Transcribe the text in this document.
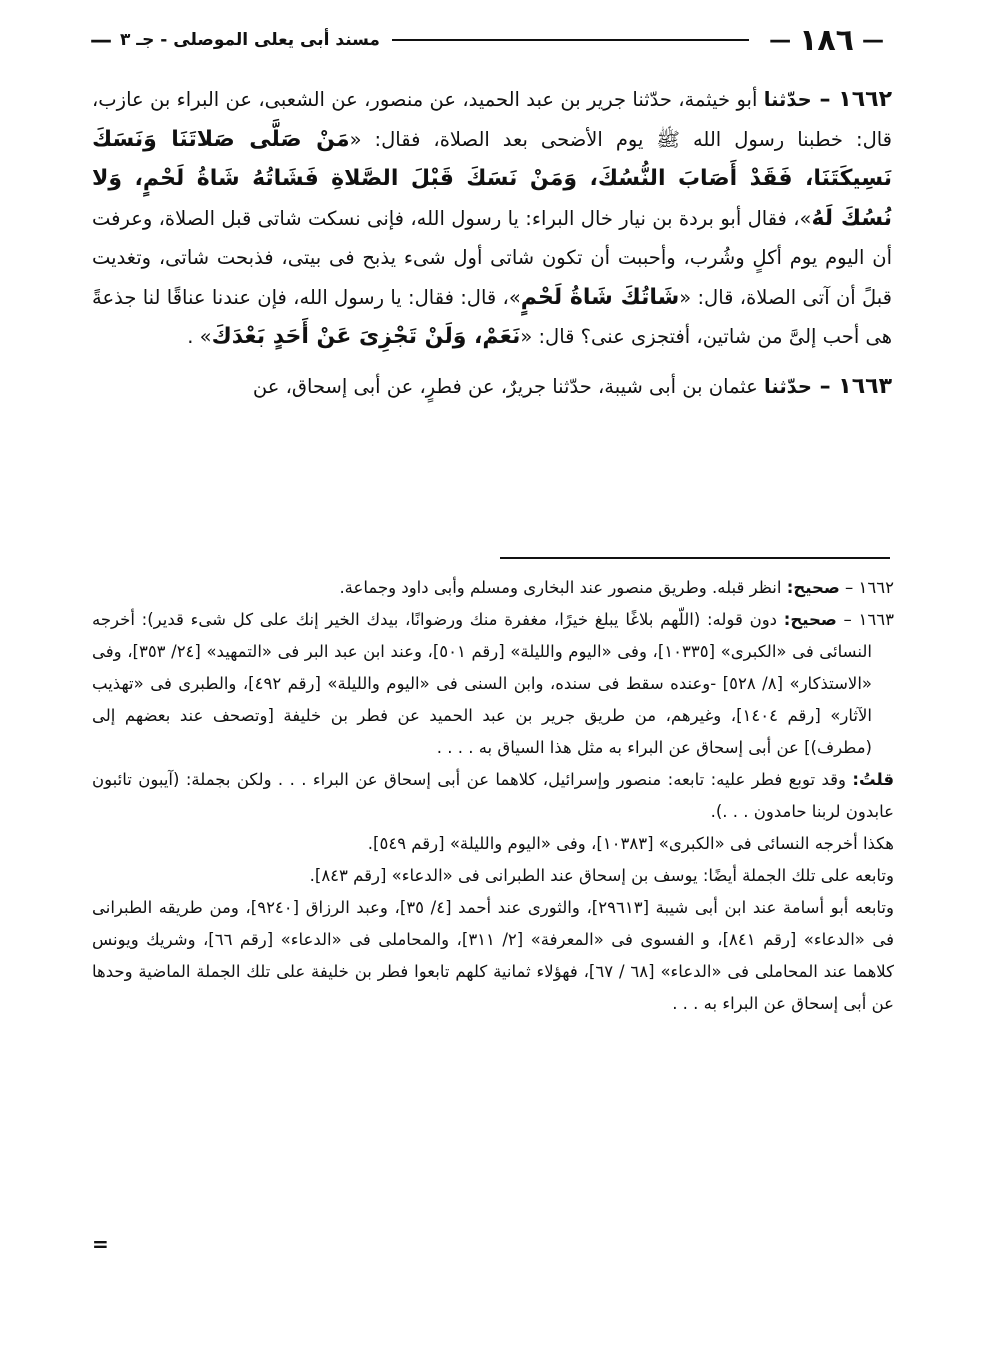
—
١٨٦
—
مسند أبى يعلى الموصلى - جـ ٣
—

١٦٦٢ – حدّثنا أبو خيثمة، حدّثنا جرير بن عبد الحميد، عن منصور، عن الشعبى، عن البراء بن عازب، قال: خطبنا رسول الله ﷺ يوم الأضحى بعد الصلاة، فقال: «مَنْ صَلَّى صَلاتَنَا وَنَسَكَ نَسِيكَتَنَا، فَقَدْ أَصَابَ النُّسُكَ، وَمَنْ نَسَكَ قَبْلَ الصَّلاةِ فَشَاتُهُ شَاةُ لَحْمٍ، وَلا نُسُكَ لَهُ»، فقال أبو بردة بن نيار خال البراء: يا رسول الله، فإنى نسكت شاتى قبل الصلاة، وعرفت أن اليوم يوم أكلٍ وشُرب، وأحببت أن تكون شاتى أول شىء يذبح فى بيتى، فذبحت شاتى، وتغديت قبلً أن آتى الصلاة، قال: «شَاتُكَ شَاةُ لَحْمٍ»، قال: فقال: يا رسول الله، فإن عندنا عناقًا لنا جذعةً هى أحب إلىَّ من شاتين، أفتجزى عنى؟ قال: «نَعَمْ، وَلَنْ تَجْزِىَ عَنْ أَحَدٍ بَعْدَكَ» .

١٦٦٣ – حدّثنا عثمان بن أبى شيبة، حدّثنا جريرٌ، عن فطرٍ، عن أبى إسحاق، عن

١٦٦٢ – صحيح: انظر قبله. وطريق منصور عند البخارى ومسلم وأبى داود وجماعة.

١٦٦٣ – صحيح: دون قوله: (اللّهم بلاغًا يبلغ خيرًا، مغفرة منك ورضوانًا، بيدك الخير إنك على كل شىء قدير): أخرجه النسائى فى «الكبرى» [١٠٣٣٥]، وفى «اليوم والليلة» [رقم ٥٠١]، وعند ابن عبد البر فى «التمهيد» [٢٤/ ٣٥٣]، وفى «الاستذكار» [٨/ ٥٢٨] -وعنده سقط فى سنده، وابن السنى فى «اليوم والليلة» [رقم ٤٩٢]، والطبرى فى «تهذيب الآثار» [رقم ١٤٠٤]، وغيرهم، من طريق جرير بن عبد الحميد عن فطر بن خليفة [وتصحف عند بعضهم إلى (مطرف)] عن أبى إسحاق عن البراء به مثل هذا السياق به . . . .

قلتُ: وقد توبع فطر عليه: تابعه: منصور وإسرائيل، كلاهما عن أبى إسحاق عن البراء . . . ولكن بجملة: (آيبون تائبون عابدون لربنا حامدون . . .).

هكذا أخرجه النسائى فى «الكبرى» [١٠٣٨٣]، وفى «اليوم والليلة» [رقم ٥٤٩].

وتابعه على تلك الجملة أيضًا: يوسف بن إسحاق عند الطبرانى فى «الدعاء» [رقم ٨٤٣].

وتابعه أبو أسامة عند ابن أبى شيبة [٢٩٦١٣]، والثورى عند أحمد [٤/ ٣٥]، وعبد الرزاق [٩٢٤٠]، ومن طريقه الطبرانى فى «الدعاء» [رقم ٨٤١]، و الفسوى فى «المعرفة» [٢/ ٣١١]، والمحاملى فى «الدعاء» [رقم ٦٦]، وشريك ويونس كلاهما عند المحاملى فى «الدعاء» [٦٨ / ٦٧]، فهؤلاء ثمانية كلهم تابعوا فطر بن خليفة على تلك الجملة الماضية وحدها عن أبى إسحاق عن البراء به . . .

=
